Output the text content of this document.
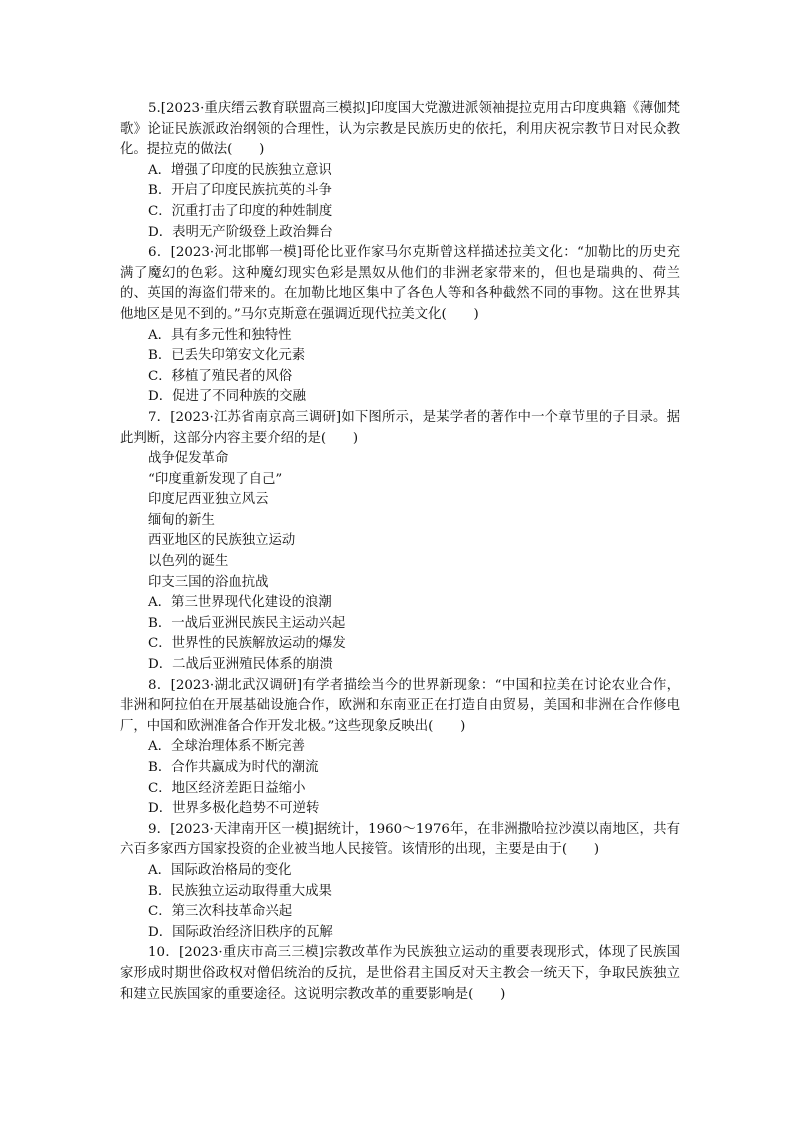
5.[2023·重庆缙云教育联盟高三模拟]印度国大党激进派领袖提拉克用古印度典籍《薄伽梵歌》论证民族派政治纲领的合理性，认为宗教是民族历史的依托，利用庆祝宗教节日对民众教化。提拉克的做法(　　)

A．增强了印度的民族独立意识

B．开启了印度民族抗英的斗争

C．沉重打击了印度的种姓制度

D．表明无产阶级登上政治舞台

6．[2023·河北邯郸一模]哥伦比亚作家马尔克斯曾这样描述拉美文化：“加勒比的历史充满了魔幻的色彩。这种魔幻现实色彩是黑奴从他们的非洲老家带来的，但也是瑞典的、荷兰的、英国的海盗们带来的。在加勒比地区集中了各色人等和各种截然不同的事物。这在世界其他地区是见不到的。”马尔克斯意在强调近现代拉美文化(　　)

A．具有多元性和独特性

B．已丢失印第安文化元素

C．移植了殖民者的风俗

D．促进了不同种族的交融

7．[2023·江苏省南京高三调研]如下图所示，是某学者的著作中一个章节里的子目录。据此判断，这部分内容主要介绍的是(　　)

战争促发革命

“印度重新发现了自己”

印度尼西亚独立风云

缅甸的新生

西亚地区的民族独立运动

以色列的诞生

印支三国的浴血抗战

A．第三世界现代化建设的浪潮

B．一战后亚洲民族民主运动兴起

C．世界性的民族解放运动的爆发

D．二战后亚洲殖民体系的崩溃

8．[2023·湖北武汉调研]有学者描绘当今的世界新现象：“中国和拉美在讨论农业合作，非洲和阿拉伯在开展基础设施合作，欧洲和东南亚正在打造自由贸易，美国和非洲在合作修电厂，中国和欧洲准备合作开发北极。”这些现象反映出(　　)

A．全球治理体系不断完善

B．合作共赢成为时代的潮流

C．地区经济差距日益缩小

D．世界多极化趋势不可逆转

9．[2023·天津南开区一模]据统计，1960～1976年，在非洲撒哈拉沙漠以南地区，共有六百多家西方国家投资的企业被当地人民接管。该情形的出现，主要是由于(　　)

A．国际政治格局的变化

B．民族独立运动取得重大成果

C．第三次科技革命兴起

D．国际政治经济旧秩序的瓦解

10．[2023·重庆市高三三模]宗教改革作为民族独立运动的重要表现形式，体现了民族国家形成时期世俗政权对僧侣统治的反抗，是世俗君主国反对天主教会一统天下，争取民族独立和建立民族国家的重要途径。这说明宗教改革的重要影响是(　　)
